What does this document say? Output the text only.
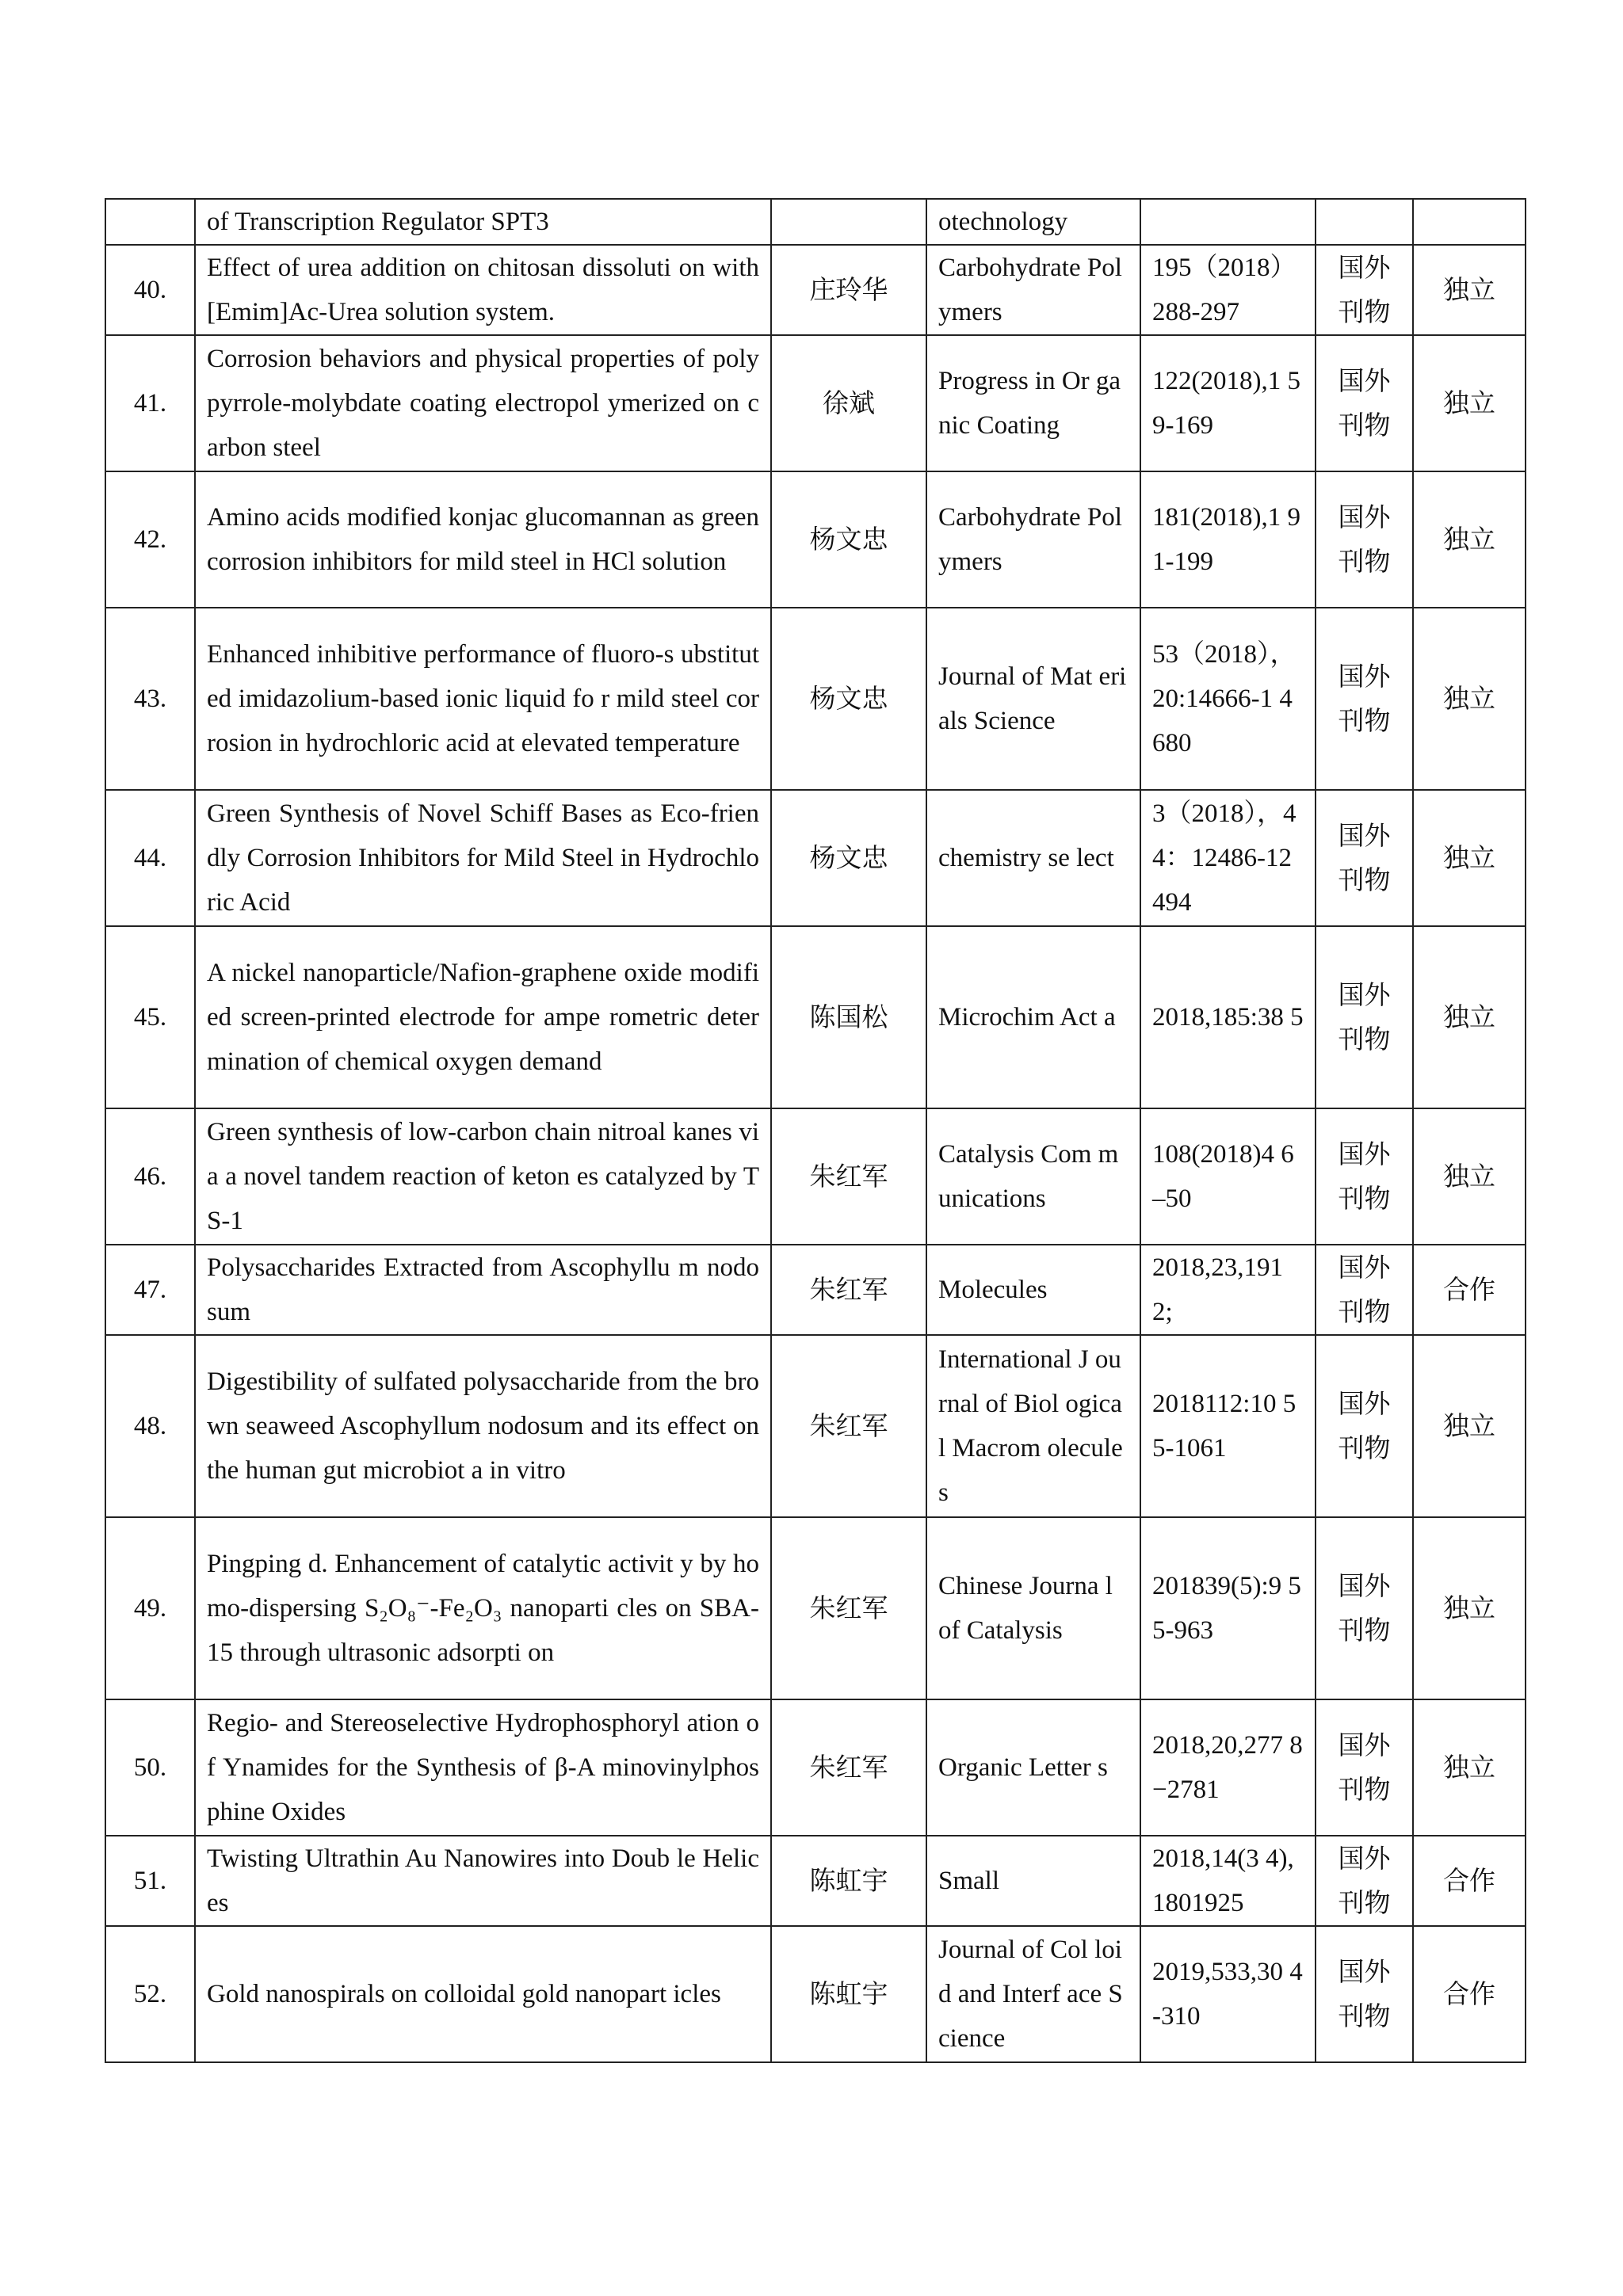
	of Transcription Regulator SPT3		otechnology			
40.	Effect of urea addition on chitosan dissoluti on with [Emim]Ac-Urea solution system.	庄玲华	Carbohydrate Polymers	195（2018）288-297	国外刊物	独立
41.	Corrosion behaviors and physical properties of polypyrrole-molybdate coating electropol ymerized on carbon steel	徐斌	Progress in Or ganic Coating	122(2018),1 59-169	国外刊物	独立
42.	Amino acids modified konjac glucomannan as green corrosion inhibitors for mild steel in HCl solution	杨文忠	Carbohydrate Polymers	181(2018),1 91-199	国外刊物	独立
43.	Enhanced inhibitive performance of fluoro-s ubstituted imidazolium-based ionic liquid fo r mild steel corrosion in hydrochloric acid at elevated temperature	杨文忠	Journal of Mat erials Science	53（2018），20:14666-1 4680	国外刊物	独立
44.	Green Synthesis of Novel Schiff Bases as Eco‐friendly Corrosion Inhibitors for Mild Steel in Hydrochloric Acid	杨文忠	chemistry se lect	3（2018），44：12486-12494	国外刊物	独立
45.	A nickel nanoparticle/Nafion-graphene oxide modified screen-printed electrode for ampe rometric determination of chemical oxygen demand	陈国松	Microchim Act a	2018,185:38 5	国外刊物	独立
46.	Green synthesis of low-carbon chain nitroal kanes via a novel tandem reaction of keton es catalyzed by TS-1	朱红军	Catalysis Com munications	108(2018)4 6–50	国外刊物	独立
47.	Polysaccharides Extracted from Ascophyllu m nodosum	朱红军	Molecules	2018,23,191 2;	国外刊物	合作
48.	Digestibility of sulfated polysaccharide from the brown seaweed Ascophyllum nodosum and its effect on the human gut microbiot a in vitro	朱红军	International J ournal of Biol ogical Macrom olecules	2018112:10 55-1061	国外刊物	独立
49.	Pingping d. Enhancement of catalytic activit y by homo-dispersing S₂O₈⁻-Fe₂O₃ nanoparti cles on SBA-15 through ultrasonic adsorpti on	朱红军	Chinese Journa l of Catalysis	201839(5):9 55-963	国外刊物	独立
50.	Regio- and Stereoselective Hydrophosphoryl ation of Ynamides for the Synthesis of β-A minovinylphosphine Oxides	朱红军	Organic Letter s	2018,20,277 8−2781	国外刊物	独立
51.	Twisting Ultrathin Au Nanowires into Doub le Helices	陈虹宇	Small	2018,14(3 4),1801925	国外刊物	合作
52.	Gold nanospirals on colloidal gold nanopart icles	陈虹宇	Journal of Col loid and Interf ace Science	2019,533,30 4-310	国外刊物	合作
